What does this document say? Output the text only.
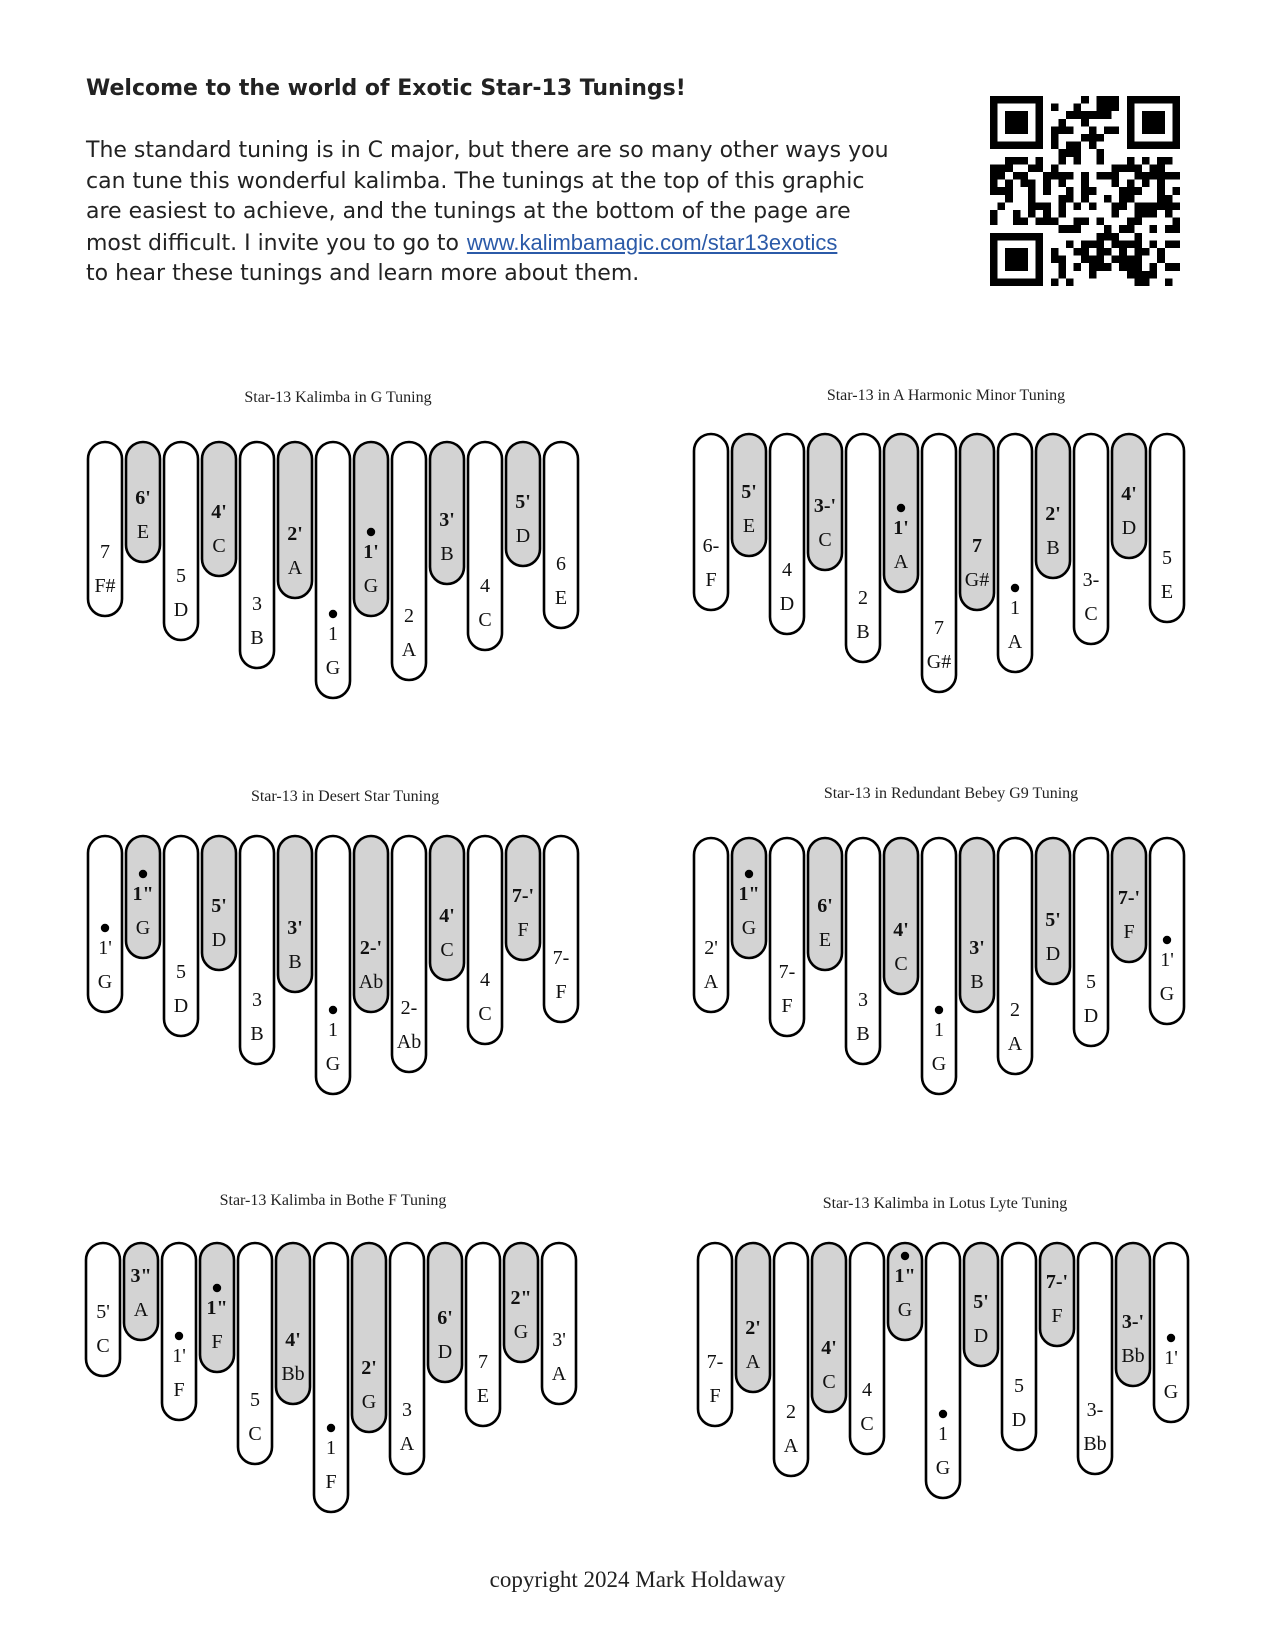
Welcome to the world of Exotic Star-13 Tunings!
The standard tuning is in C major, but there are so many other ways you
can tune this wonderful kalimba. The tunings at the top of this graphic
are easiest to achieve, and the tunings at the bottom of the page are
most difficult. I invite you to go to www.kalimbamagic.com/star13exotics
to hear these tunings and learn more about them.
Star-13 Kalimba in G Tuning
7
F#
6'
E
5
D
4'
C
3
B
2'
A
1
G
1'
G
2
A
3'
B
4
C
5'
D
6
E
Star-13 in A Harmonic Minor Tuning
6-
F
5'
E
4
D
3-'
C
2
B
1'
A
7
G#
7
G#
1
A
2'
B
3-
C
4'
D
5
E
Star-13 in Desert Star Tuning
1'
G
1"
G
5
D
5'
D
3
B
3'
B
1
G
2-'
Ab
2-
Ab
4'
C
4
C
7-'
F
7-
F
Star-13 in Redundant Bebey G9 Tuning
2'
A
1"
G
7-
F
6'
E
3
B
4'
C
1
G
3'
B
2
A
5'
D
5
D
7-'
F
1'
G
Star-13 Kalimba in Bothe F Tuning
5'
C
3"
A
1'
F
1"
F
5
C
4'
Bb
1
F
2'
G 3
A
6'
D 7
E
2"
G 3'
A
Star-13 Kalimba in Lotus Lyte Tuning
7-
F
2'
A
2
A
4'
C 4
C
1"
G
1
G
5'
D
5
D
7-'
F
3-
Bb
3-'
Bb 1'
G
copyright 2024 Mark Holdaway
